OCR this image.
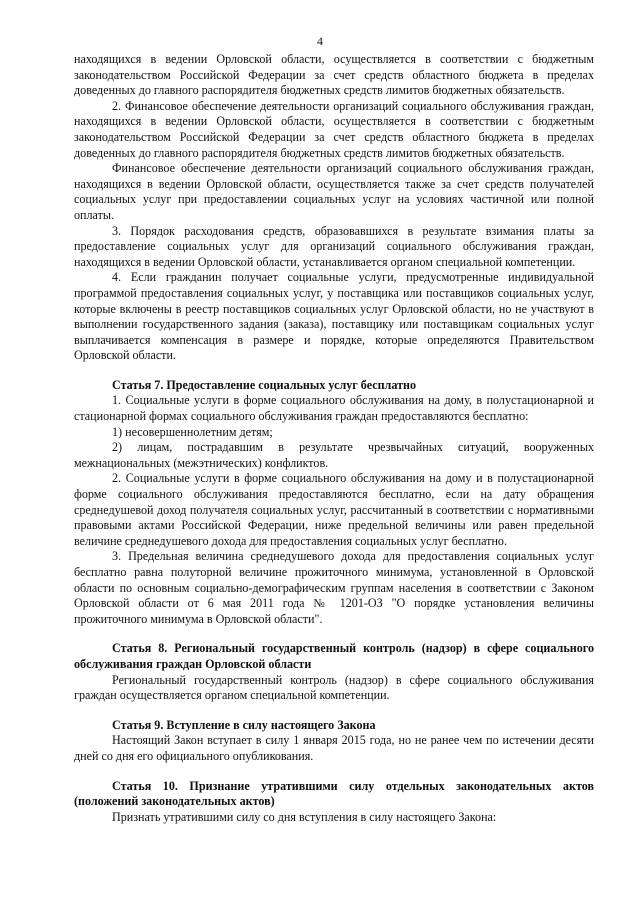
4

находящихся в ведении Орловской области, осуществляется в соответствии с бюджетным законодательством Российской Федерации за счет средств областного бюджета в пределах доведенных до главного распорядителя бюджетных средств лимитов бюджетных обязательств.

2. Финансовое обеспечение деятельности организаций социального обслуживания граждан, находящихся в ведении Орловской области, осуществляется в соответствии с бюджетным законодательством Российской Федерации за счет средств областного бюджета в пределах доведенных до главного распорядителя бюджетных средств лимитов бюджетных обязательств.

Финансовое обеспечение деятельности организаций социального обслуживания граждан, находящихся в ведении Орловской области, осуществляется также за счет средств получателей социальных услуг при предоставлении социальных услуг на условиях частичной или полной оплаты.

3. Порядок расходования средств, образовавшихся в результате взимания платы за предоставление социальных услуг для организаций социального обслуживания граждан, находящихся в ведении Орловской области, устанавливается органом специальной компетенции.

4. Если гражданин получает социальные услуги, предусмотренные индивидуальной программой предоставления социальных услуг, у поставщика или поставщиков социальных услуг, которые включены в реестр поставщиков социальных услуг Орловской области, но не участвуют в выполнении государственного задания (заказа), поставщику или поставщикам социальных услуг выплачивается компенсация в размере и порядке, которые определяются Правительством Орловской области.

Статья 7. Предоставление социальных услуг бесплатно

1. Социальные услуги в форме социального обслуживания на дому, в полустационарной и стационарной формах социального обслуживания граждан предоставляются бесплатно:

1) несовершеннолетним детям;

2) лицам, пострадавшим в результате чрезвычайных ситуаций, вооруженных межнациональных (межэтнических) конфликтов.

2. Социальные услуги в форме социального обслуживания на дому и в полустационарной форме социального обслуживания предоставляются бесплатно, если на дату обращения среднедушевой доход получателя социальных услуг, рассчитанный в соответствии с нормативными правовыми актами Российской Федерации, ниже предельной величины или равен предельной величине среднедушевого дохода для предоставления социальных услуг бесплатно.

3. Предельная величина среднедушевого дохода для предоставления социальных услуг бесплатно равна полуторной величине прожиточного минимума, установленной в Орловской области по основным социально-демографическим группам населения в соответствии с Законом Орловской области от 6 мая 2011 года № 1201-ОЗ "О порядке установления величины прожиточного минимума в Орловской области".

Статья 8. Региональный государственный контроль (надзор) в сфере социального обслуживания граждан Орловской области

Региональный государственный контроль (надзор) в сфере социального обслуживания граждан осуществляется органом специальной компетенции.

Статья 9. Вступление в силу настоящего Закона

Настоящий Закон вступает в силу 1 января 2015 года, но не ранее чем по истечении десяти дней со дня его официального опубликования.

Статья 10. Признание утратившими силу отдельных законодательных актов (положений законодательных актов)

Признать утратившими силу со дня вступления в силу настоящего Закона:
